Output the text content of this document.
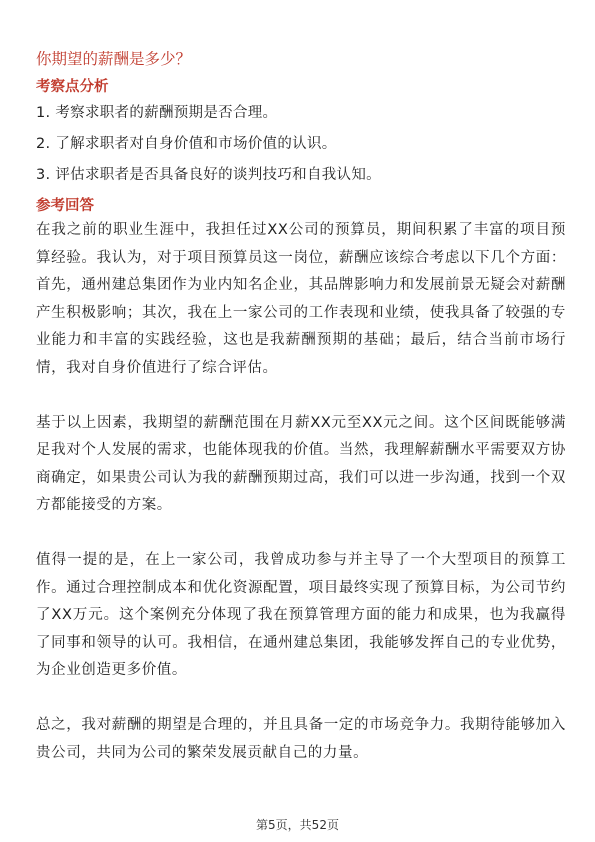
你期望的薪酬是多少？
考察点分析
1. 考察求职者的薪酬预期是否合理。
2. 了解求职者对自身价值和市场价值的认识。
3. 评估求职者是否具备良好的谈判技巧和自我认知。
参考回答

在我之前的职业生涯中，我担任过XX公司的预算员，期间积累了丰富的项目预算经验。我认为，对于项目预算员这一岗位，薪酬应该综合考虑以下几个方面：首先，通州建总集团作为业内知名企业，其品牌影响力和发展前景无疑会对薪酬产生积极影响；其次，我在上一家公司的工作表现和业绩，使我具备了较强的专业能力和丰富的实践经验，这也是我薪酬预期的基础；最后，结合当前市场行情，我对自身价值进行了综合评估。

基于以上因素，我期望的薪酬范围在月薪XX元至XX元之间。这个区间既能够满足我对个人发展的需求，也能体现我的价值。当然，我理解薪酬水平需要双方协商确定，如果贵公司认为我的薪酬预期过高，我们可以进一步沟通，找到一个双方都能接受的方案。

值得一提的是，在上一家公司，我曾成功参与并主导了一个大型项目的预算工作。通过合理控制成本和优化资源配置，项目最终实现了预算目标，为公司节约了XX万元。这个案例充分体现了我在预算管理方面的能力和成果，也为我赢得了同事和领导的认可。我相信，在通州建总集团，我能够发挥自己的专业优势，为企业创造更多价值。

总之，我对薪酬的期望是合理的，并且具备一定的市场竞争力。我期待能够加入贵公司，共同为公司的繁荣发展贡献自己的力量。

第5页，共52页
